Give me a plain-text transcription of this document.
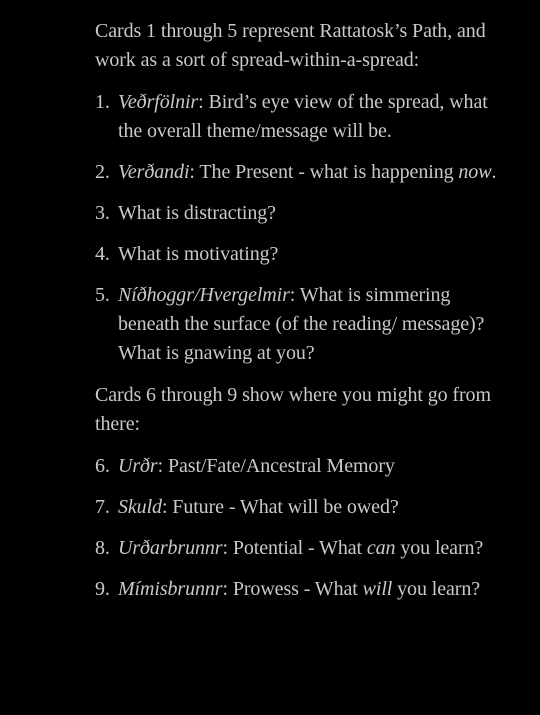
Cards 1 through 5 represent Rattatosk’s Path, and work as a sort of spread-within-a-spread:

1. Veðrfölnir: Bird’s eye view of the spread, what the overall theme/message will be.
2. Verðandi: The Present - what is happening now.
3. What is distracting?
4. What is motivating?
5. Níðhoggr/Hvergelmir: What is simmering beneath the surface (of the reading/ message)? What is gnawing at you?

Cards 6 through 9 show where you might go from there:

6. Urðr: Past/Fate/Ancestral Memory
7. Skuld: Future - What will be owed?
8. Urðarbrunnr: Potential - What can you learn?
9. Mímisbrunnr: Prowess - What will you learn?
